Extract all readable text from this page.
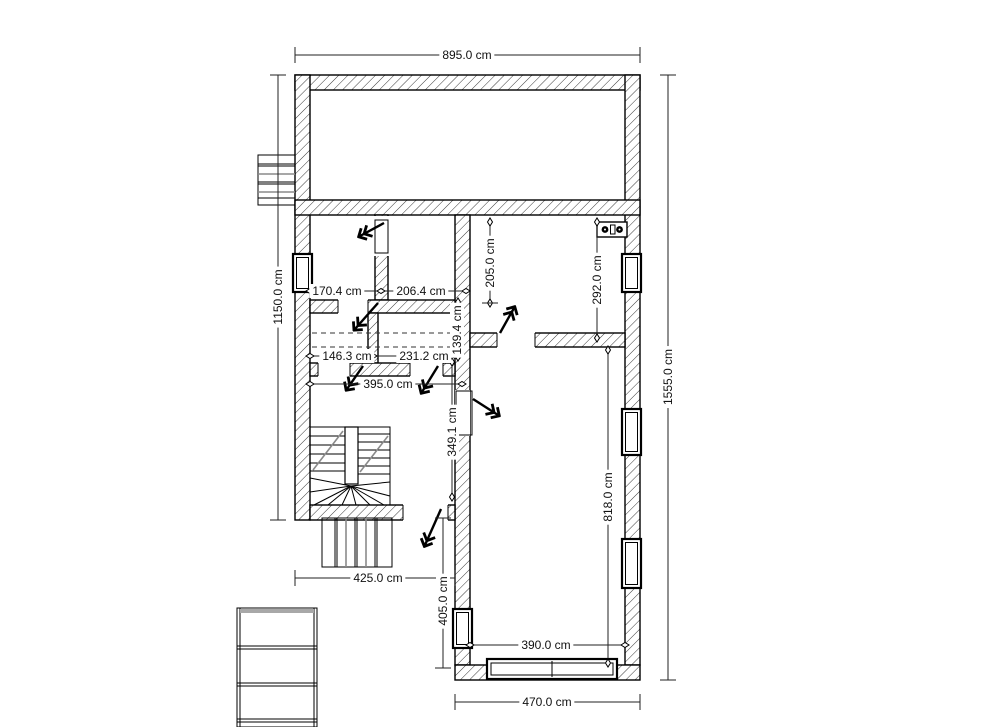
895.0 cm
1150.0 cm
1555.0 cm
170.4 cm	206.4 cm
205.0 cm	292.0 cm
146.3 cm 231.2 cm
139.4 cm
395.0 cm
349.1 cm
818.0 cm
425.0 cm	405.0 cm
390.0 cm
470.0 cm
